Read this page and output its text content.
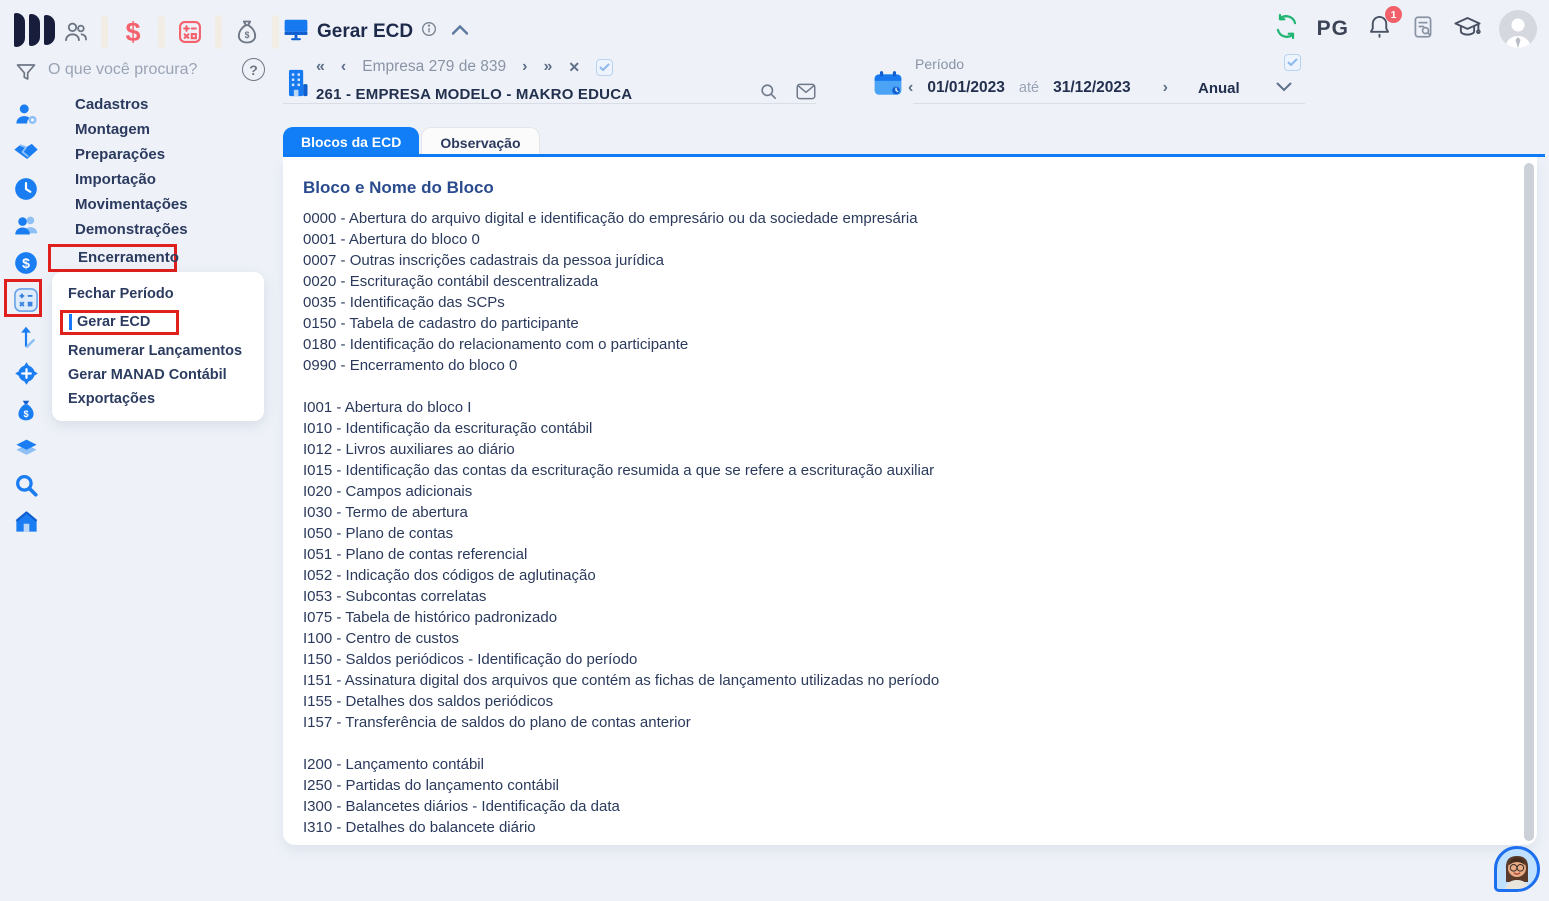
$	$	PG
1
O que você procura?	?
$
$
Cadastros
Montagem
Preparações
Importação
Movimentações
Demonstrações
Encerramento
Fechar Período
Gerar ECD
Renumerar Lançamentos
Gerar MANAD Contábil
Exportações
Gerar ECD
« ‹ Empresa 279 de 839 › » ✕
261 - EMPRESA MODELO - MAKRO EDUCA
Período
‹ 01/01/2023 até 31/12/2023 › Anual
Blocos da ECD	Observação
Bloco e Nome do Bloco
0000 - Abertura do arquivo digital e identificação do empresário ou da sociedade empresária
0001 - Abertura do bloco 0
0007 - Outras inscrições cadastrais da pessoa jurídica
0020 - Escrituração contábil descentralizada
0035 - Identificação das SCPs
0150 - Tabela de cadastro do participante
0180 - Identificação do relacionamento com o participante
0990 - Encerramento do bloco 0
I001 - Abertura do bloco I
I010 - Identificação da escrituração contábil
I012 - Livros auxiliares ao diário
I015 - Identificação das contas da escrituração resumida a que se refere a escrituração auxiliar
I020 - Campos adicionais
I030 - Termo de abertura
I050 - Plano de contas
I051 - Plano de contas referencial
I052 - Indicação dos códigos de aglutinação
I053 - Subcontas correlatas
I075 - Tabela de histórico padronizado
I100 - Centro de custos
I150 - Saldos periódicos - Identificação do período
I151 - Assinatura digital dos arquivos que contém as fichas de lançamento utilizadas no período
I155 - Detalhes dos saldos periódicos
I157 - Transferência de saldos do plano de contas anterior
I200 - Lançamento contábil
I250 - Partidas do lançamento contábil
I300 - Balancetes diários - Identificação da data
I310 - Detalhes do balancete diário
